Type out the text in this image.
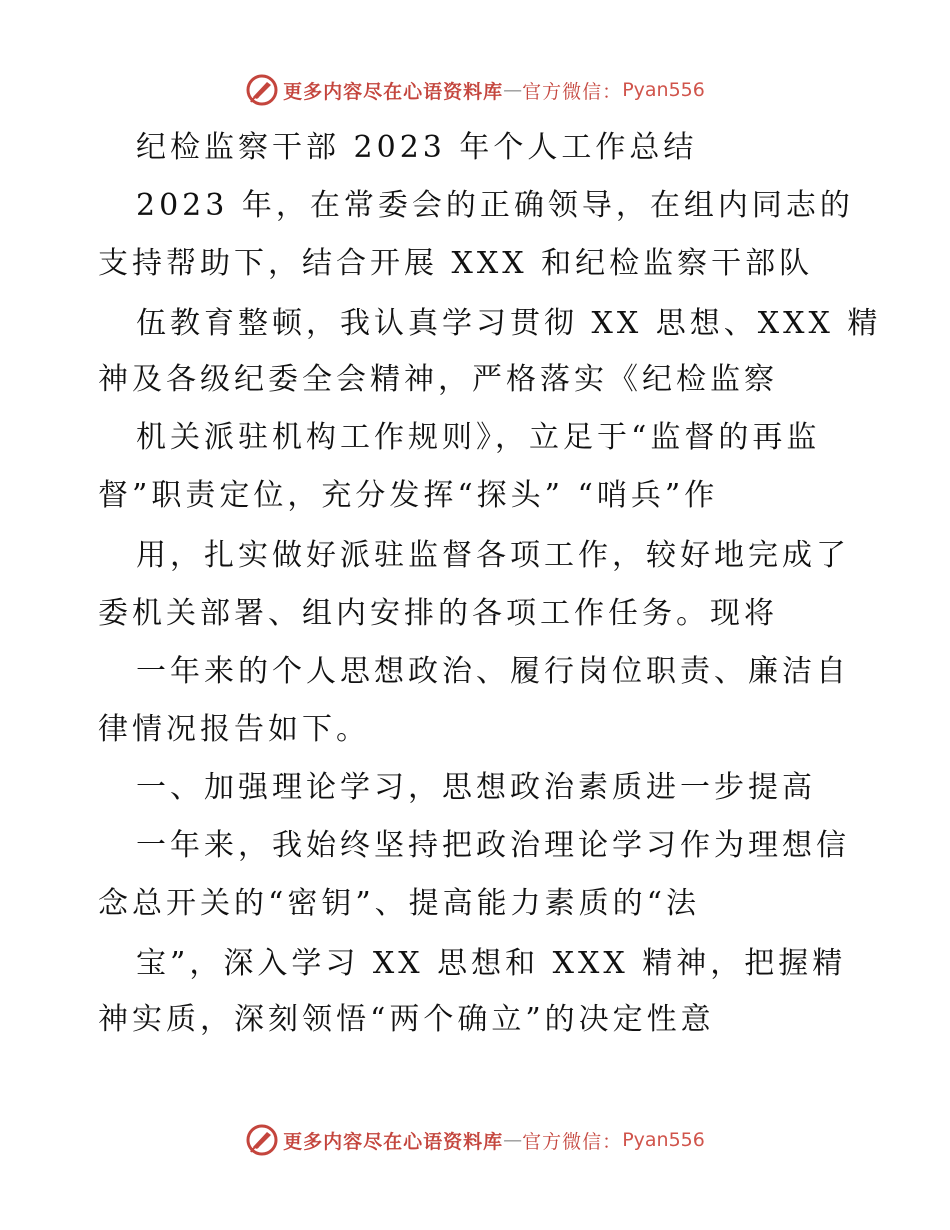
更多内容尽在心语资料库 — 官方微信： Pyan556
纪检监察干部 2023 年个人工作总结
2023 年，在常委会的正确领导，在组内同志的
支持帮助下，结合开展 XXX 和纪检监察干部队
伍教育整顿，我认真学习贯彻 XX 思想、XXX 精
神及各级纪委全会精神，严格落实《纪检监察
机关派驻机构工作规则》，立足于“监督的再监
督”职责定位，充分发挥“探头” “哨兵”作
用，扎实做好派驻监督各项工作，较好地完成了
委机关部署、组内安排的各项工作任务。现将
一年来的个人思想政治、履行岗位职责、廉洁自
律情况报告如下。
一、加强理论学习，思想政治素质进一步提高
一年来，我始终坚持把政治理论学习作为理想信
念总开关的“密钥”、提高能力素质的“法
宝”，深入学习 XX 思想和 XXX 精神，把握精
神实质，深刻领悟“两个确立”的决定性意
更多内容尽在心语资料库 — 官方微信： Pyan556
